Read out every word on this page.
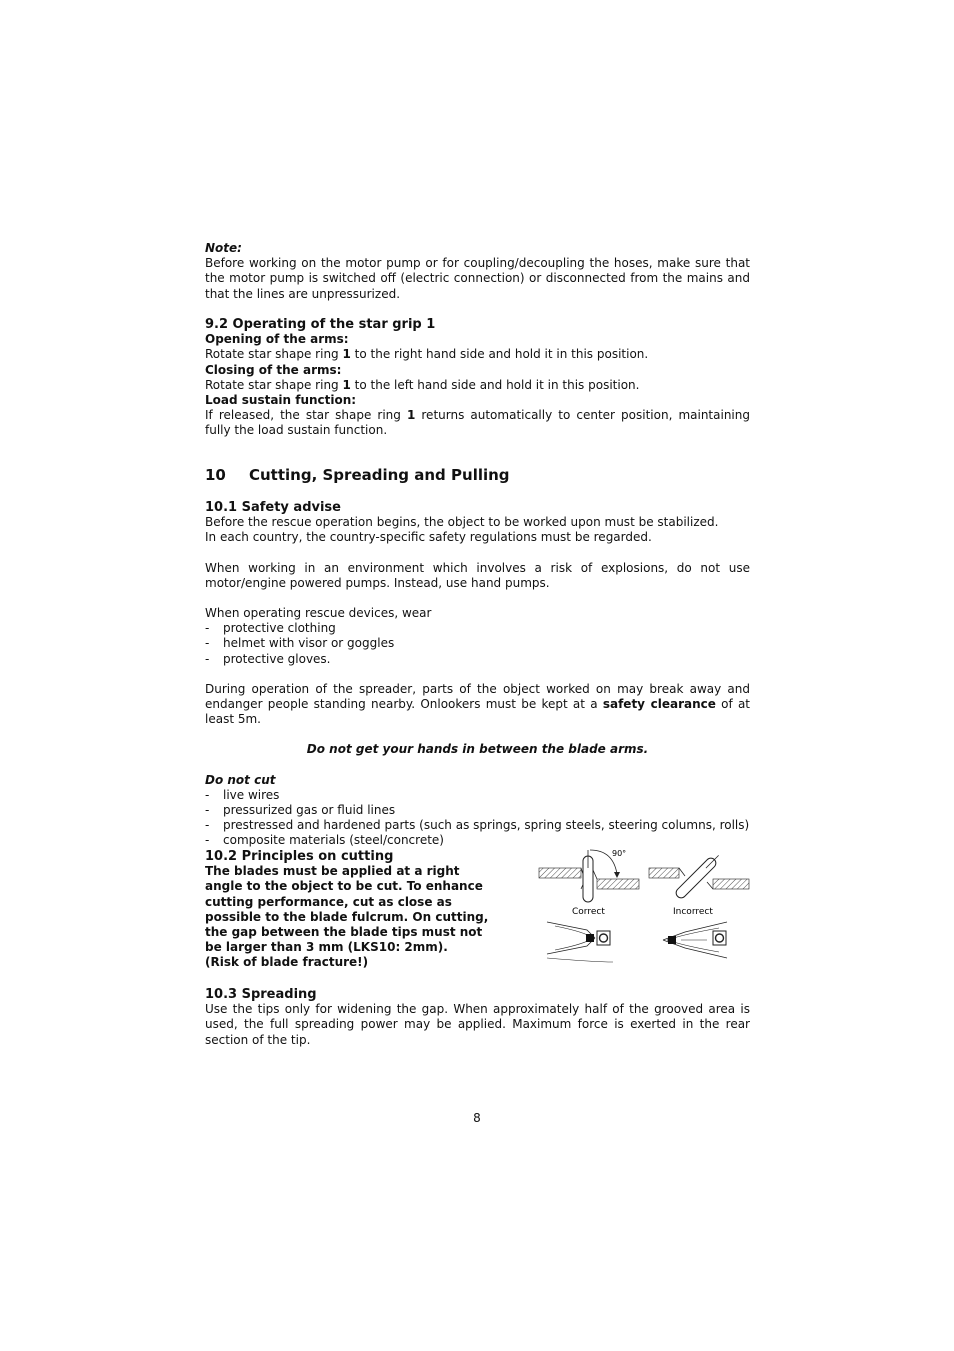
Note:

Before working on the motor pump or for coupling/decoupling the hoses, make sure that the motor pump is switched off (electric connection) or disconnected from the mains and that the lines are unpressurized.

9.2 Operating of the star grip 1

Opening of the arms:

Rotate star shape ring 1 to the right hand side and hold it in this position.

Closing of the arms:

Rotate star shape ring 1 to the left hand side and hold it in this position.

Load sustain function:

If released, the star shape ring 1 returns automatically to center position, maintaining fully the load sustain function.

10 Cutting, Spreading and Pulling

10.1 Safety advise

Before the rescue operation begins, the object to be worked upon must be stabilized.

In each country, the country-specific safety regulations must be regarded.

When working in an environment which involves a risk of explosions, do not use motor/engine powered pumps. Instead, use hand pumps.

When operating rescue devices, wear

-	protective clothing
-	helmet with visor or goggles
-	protective gloves.

During operation of the spreader, parts of the object worked on may break away and endanger people standing nearby. Onlookers must be kept at a safety clearance of at least 5m.

Do not get your hands in between the blade arms.

Do not cut

-	live wires
-	pressurized gas or fluid lines
-	prestressed and hardened parts (such as springs, spring steels, steering columns, rolls)
-	composite materials (steel/concrete)

10.2 Principles on cutting

The blades must be applied at a right angle to the object to be cut. To enhance cutting performance, cut as close as possible to the blade fulcrum. On cutting, the gap between the blade tips must not be larger than 3 mm (LKS10: 2mm).

(Risk of blade fracture!)

90°
Correct	Incorrect

10.3 Spreading

Use the tips only for widening the gap. When approximately half of the grooved area is used, the full spreading power may be applied. Maximum force is exerted in the rear section of the tip.

8
